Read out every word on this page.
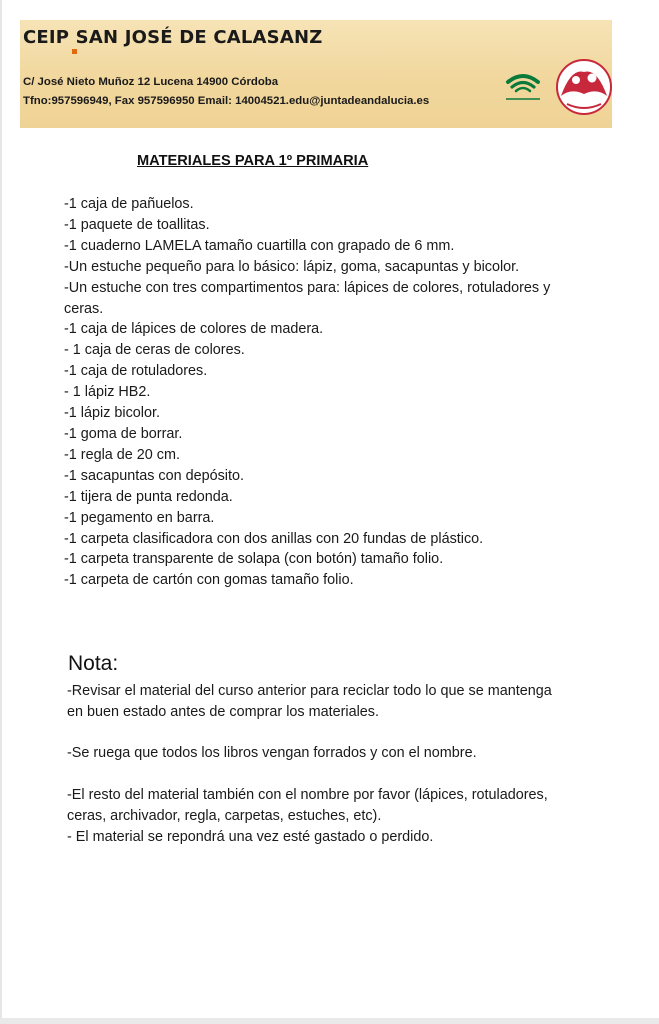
CEIP SAN JOSÉ DE CALASANZ
C/ José Nieto Muñoz 12 Lucena 14900 Córdoba
Tfno:957596949, Fax 957596950 Email: 14004521.edu@juntadeandalucia.es
MATERIALES PARA 1º PRIMARIA
-1 caja de pañuelos.
-1 paquete de toallitas.
-1 cuaderno LAMELA tamaño cuartilla con grapado de 6 mm.
-Un estuche pequeño para lo básico: lápiz, goma, sacapuntas y bicolor.
-Un estuche con tres compartimentos para: lápices de colores, rotuladores y ceras.
-1 caja de lápices de colores de madera.
- 1 caja de ceras de colores.
-1 caja de rotuladores.
- 1 lápiz HB2.
-1 lápiz bicolor.
-1 goma de borrar.
-1 regla de 20 cm.
-1 sacapuntas con depósito.
-1 tijera de punta redonda.
-1 pegamento en barra.
-1 carpeta clasificadora con dos anillas con 20 fundas de plástico.
-1 carpeta transparente de solapa (con botón) tamaño folio.
-1 carpeta de cartón con gomas tamaño folio.
Nota:
-Revisar el material del curso anterior para reciclar todo lo que se mantenga en buen estado antes de comprar los materiales.
-Se ruega que todos los libros vengan forrados y con el nombre.
-El resto del material también con el nombre por favor (lápices, rotuladores, ceras, archivador, regla, carpetas, estuches, etc).
- El material se repondrá una vez esté gastado o perdido.
